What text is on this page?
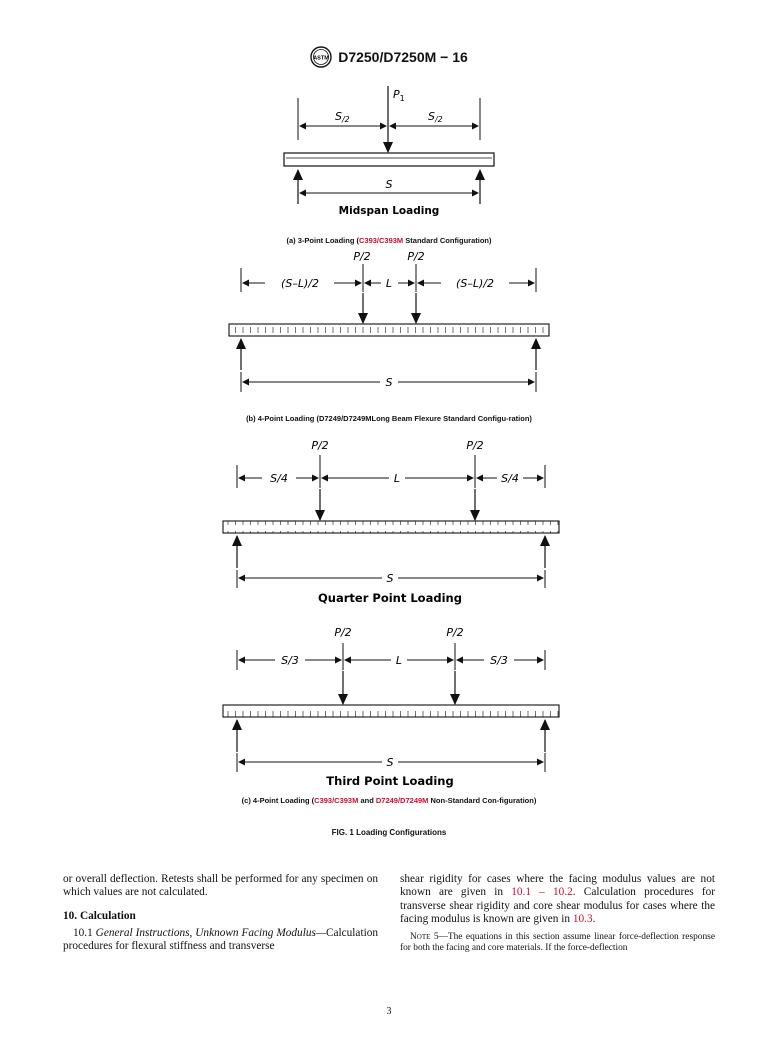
ASTM D7250/D7250M − 16
$P_1$
S/2	S/2
S
Midspan Loading
(S–L)/2	L	(S–L)/2
P/2	P/2
S
S/4	L	S/4
P/2	P/2
S
Quarter Point Loading
S/3	L	S/3
P/2	P/2
S
Third Point Loading
(a) 3-Point Loading (C393/C393M Standard Configuration)
(b) 4-Point Loading (D7249/D7249MLong Beam Flexure Standard Configu-ration)
(c) 4-Point Loading (C393/C393M and D7249/D7249M Non-Standard Con-figuration)
FIG. 1 Loading Configurations

or overall deflection. Retests shall be performed for any specimen on which values are not calculated.

10. Calculation

10.1 General Instructions, Unknown Facing Modulus—Calculation procedures for flexural stiffness and transverse

shear rigidity for cases where the facing modulus values are not known are given in 10.1 – 10.2. Calculation procedures for transverse shear rigidity and core shear modulus for cases where the facing modulus is known are given in 10.3.

Note 5—The equations in this section assume linear force-deflection response for both the facing and core materials. If the force-deflection

3
